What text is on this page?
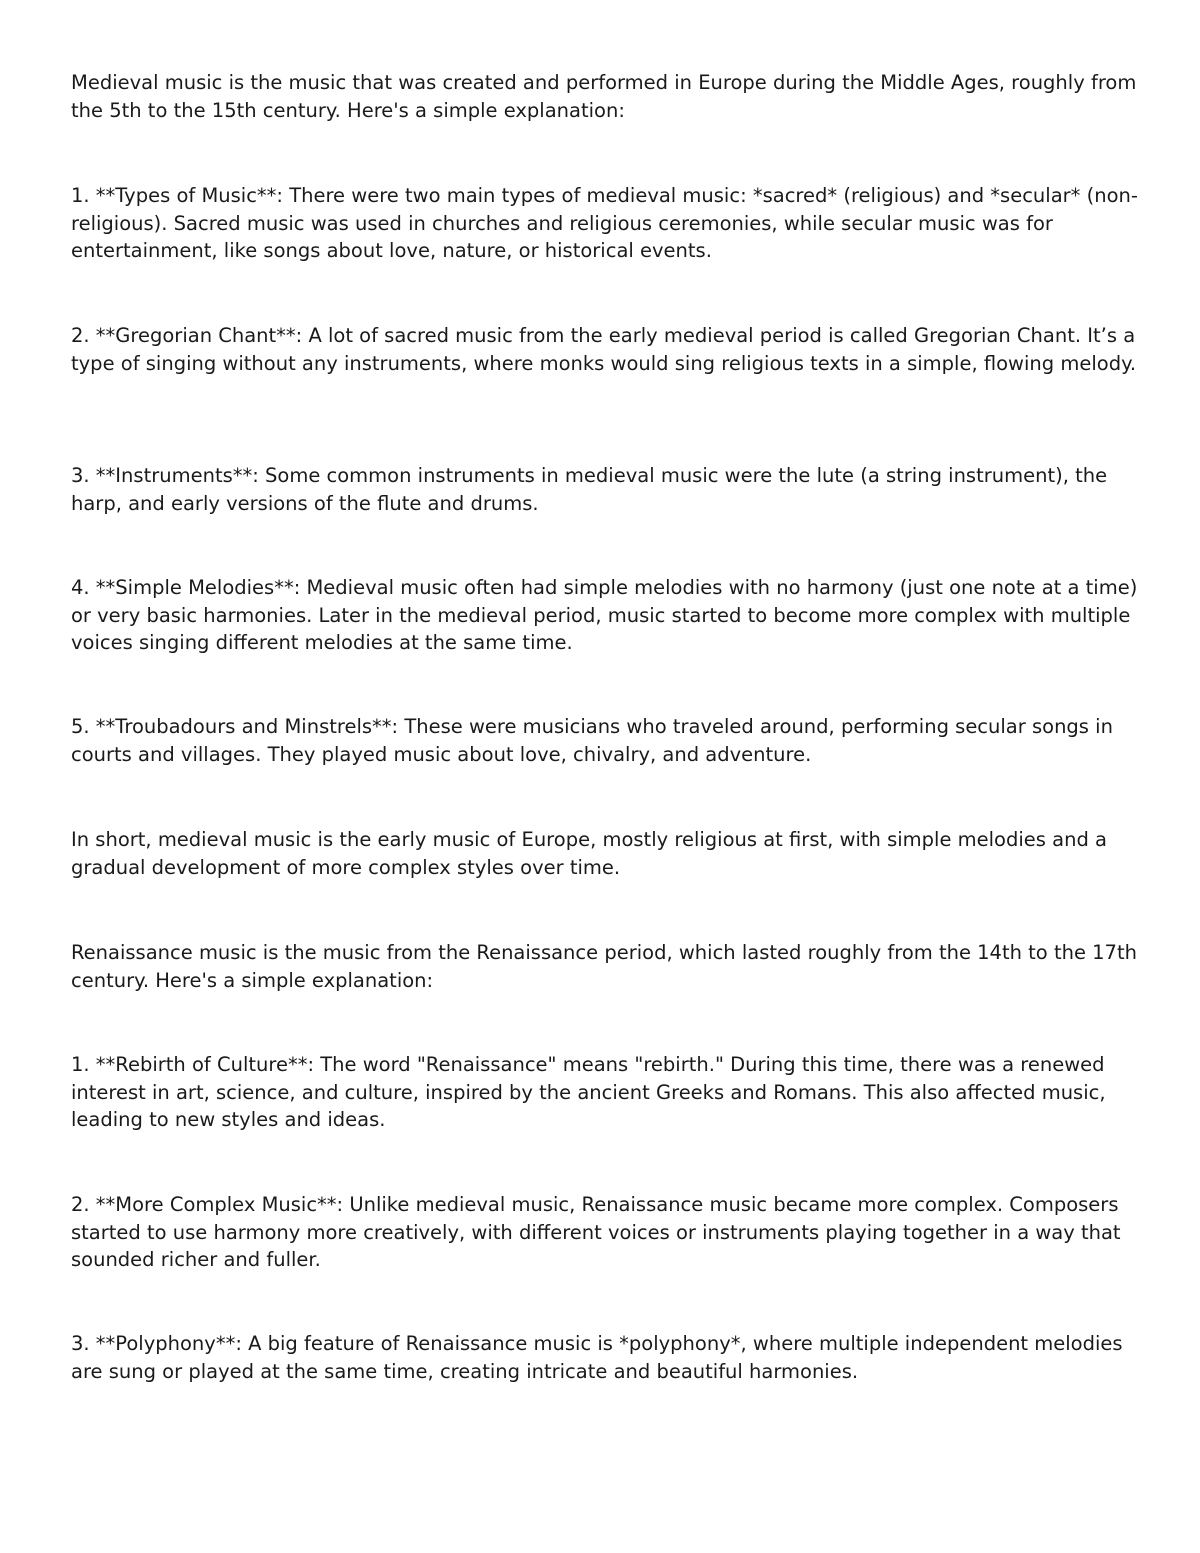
Medieval music is the music that was created and performed in Europe during the Middle Ages, roughly from the 5th to the 15th century. Here's a simple explanation:

1. **Types of Music**: There were two main types of medieval music: *sacred* (religious) and *secular* (non-religious). Sacred music was used in churches and religious ceremonies, while secular music was for entertainment, like songs about love, nature, or historical events.

2. **Gregorian Chant**: A lot of sacred music from the early medieval period is called Gregorian Chant. It’s a type of singing without any instruments, where monks would sing religious texts in a simple, flowing melody.

3. **Instruments**: Some common instruments in medieval music were the lute (a string instrument), the harp, and early versions of the flute and drums.

4. **Simple Melodies**: Medieval music often had simple melodies with no harmony (just one note at a time) or very basic harmonies. Later in the medieval period, music started to become more complex with multiple voices singing different melodies at the same time.

5. **Troubadours and Minstrels**: These were musicians who traveled around, performing secular songs in courts and villages. They played music about love, chivalry, and adventure.

In short, medieval music is the early music of Europe, mostly religious at first, with simple melodies and a gradual development of more complex styles over time.

Renaissance music is the music from the Renaissance period, which lasted roughly from the 14th to the 17th century. Here's a simple explanation:

1. **Rebirth of Culture**: The word "Renaissance" means "rebirth." During this time, there was a renewed interest in art, science, and culture, inspired by the ancient Greeks and Romans. This also affected music, leading to new styles and ideas.

2. **More Complex Music**: Unlike medieval music, Renaissance music became more complex. Composers started to use harmony more creatively, with different voices or instruments playing together in a way that sounded richer and fuller.

3. **Polyphony**: A big feature of Renaissance music is *polyphony*, where multiple independent melodies are sung or played at the same time, creating intricate and beautiful harmonies.
